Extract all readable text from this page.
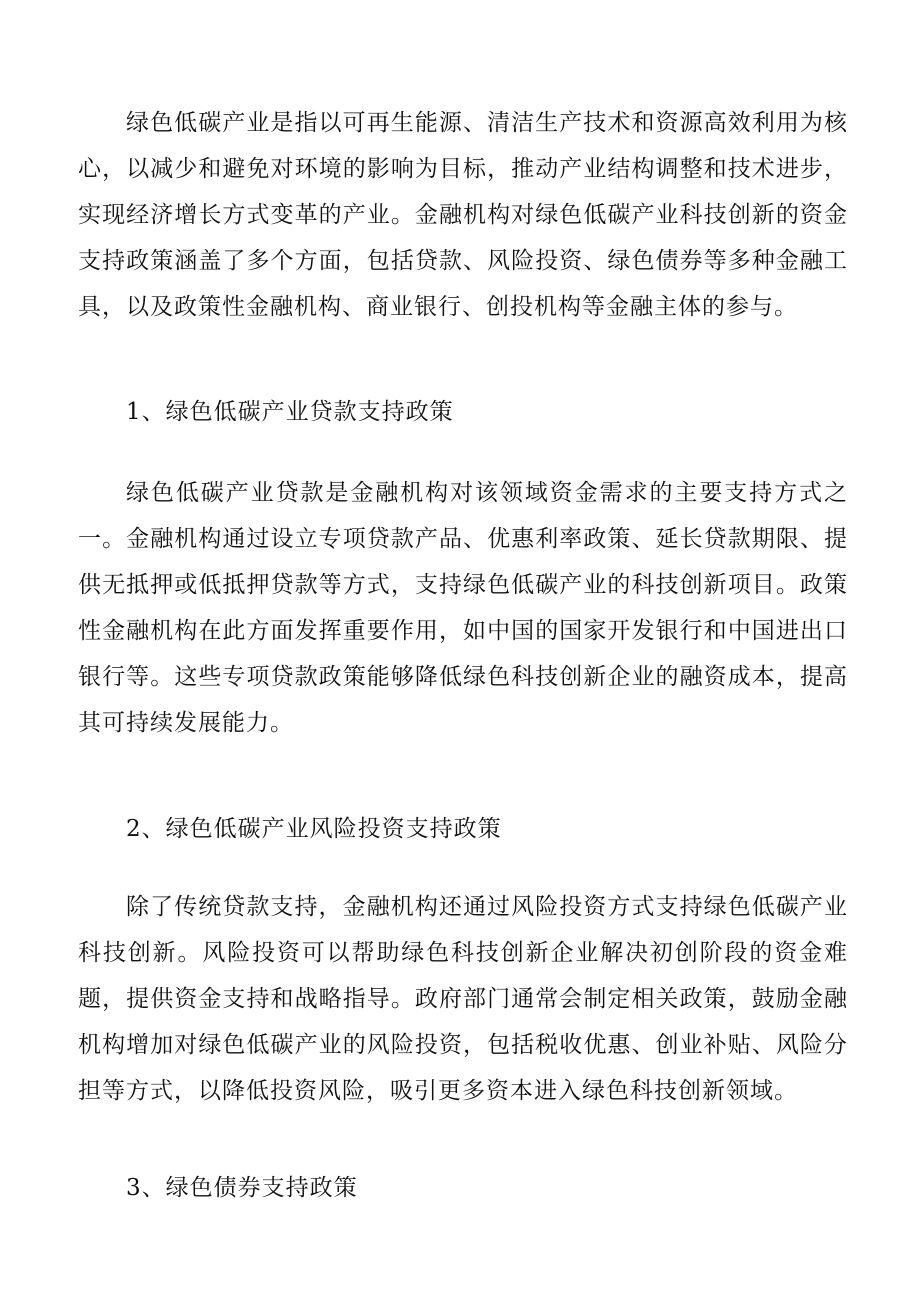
绿色低碳产业是指以可再生能源、清洁生产技术和资源高效利用为核心，以减少和避免对环境的影响为目标，推动产业结构调整和技术进步，实现经济增长方式变革的产业。金融机构对绿色低碳产业科技创新的资金支持政策涵盖了多个方面，包括贷款、风险投资、绿色债券等多种金融工具，以及政策性金融机构、商业银行、创投机构等金融主体的参与。

1、绿色低碳产业贷款支持政策

绿色低碳产业贷款是金融机构对该领域资金需求的主要支持方式之一。金融机构通过设立专项贷款产品、优惠利率政策、延长贷款期限、提供无抵押或低抵押贷款等方式，支持绿色低碳产业的科技创新项目。政策性金融机构在此方面发挥重要作用，如中国的国家开发银行和中国进出口银行等。这些专项贷款政策能够降低绿色科技创新企业的融资成本，提高其可持续发展能力。

2、绿色低碳产业风险投资支持政策

除了传统贷款支持，金融机构还通过风险投资方式支持绿色低碳产业科技创新。风险投资可以帮助绿色科技创新企业解决初创阶段的资金难题，提供资金支持和战略指导。政府部门通常会制定相关政策，鼓励金融机构增加对绿色低碳产业的风险投资，包括税收优惠、创业补贴、风险分担等方式，以降低投资风险，吸引更多资本进入绿色科技创新领域。

3、绿色债券支持政策
